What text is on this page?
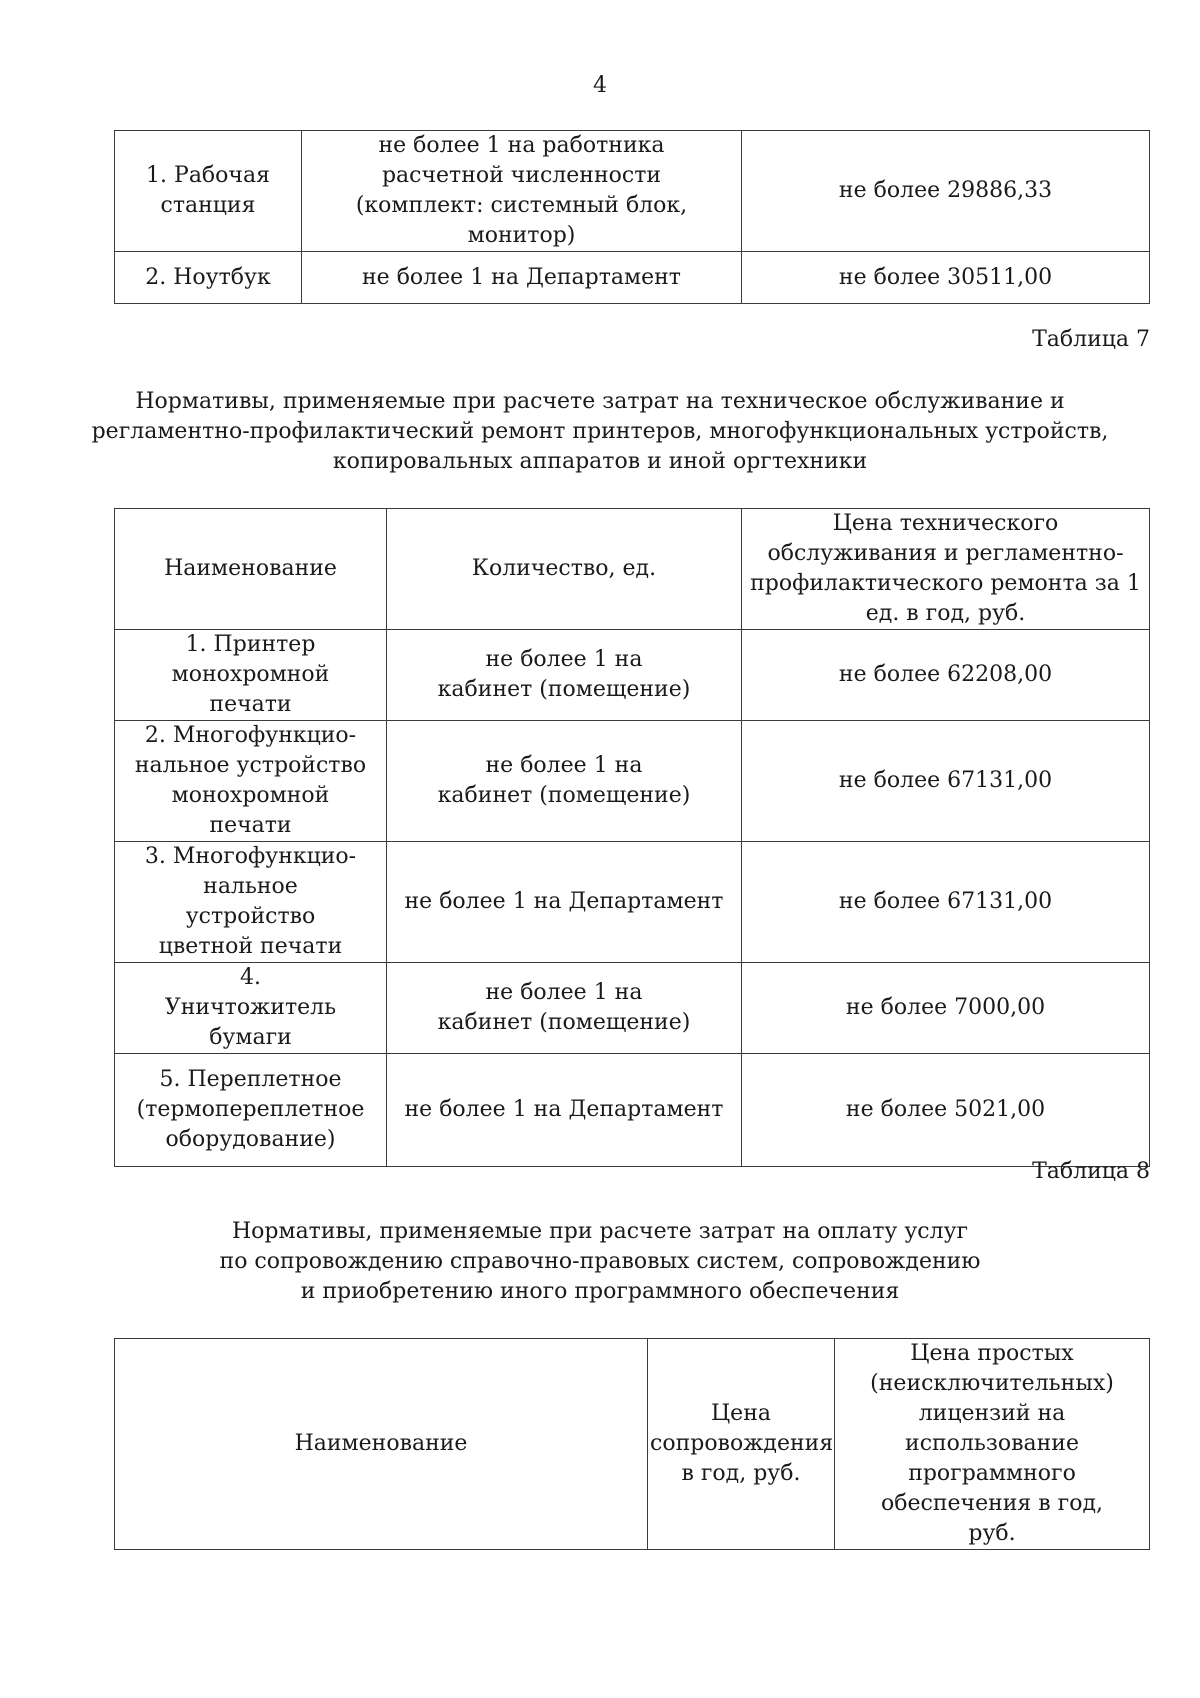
4
1. Рабочая станция	не более 1 на работника расчетной численности (комплект: системный блок, монитор)	не более 29886,33
2. Ноутбук	не более 1 на Департамент	не более 30511,00
Таблица 7
Нормативы, применяемые при расчете затрат на техническое обслуживание и
регламентно-профилактический ремонт принтеров, многофункциональных устройств,
копировальных аппаратов и иной оргтехники
Наименование	Количество, ед.	Цена технического обслуживания и регламентно-профилактического ремонта за 1 ед. в год, руб.
1. Принтер монохромной печати	не более 1 на кабинет (помещение)	не более 62208,00
2. Многофункцио-нальное устройство монохромной печати	не более 1 на кабинет (помещение)	не более 67131,00
3. Многофункцио-нальное устройство цветной печати	не более 1 на Департамент	не более 67131,00
4. Уничтожитель бумаги	не более 1 на кабинет (помещение)	не более 7000,00
5. Переплетное (термопереплетное оборудование)	не более 1 на Департамент	не более 5021,00
Таблица 8
Нормативы, применяемые при расчете затрат на оплату услуг
по сопровождению справочно-правовых систем, сопровождению
и приобретению иного программного обеспечения
Наименование	Цена сопровождения в год, руб.	Цена простых (неисключительных) лицензий на использование программного обеспечения в год, руб.
